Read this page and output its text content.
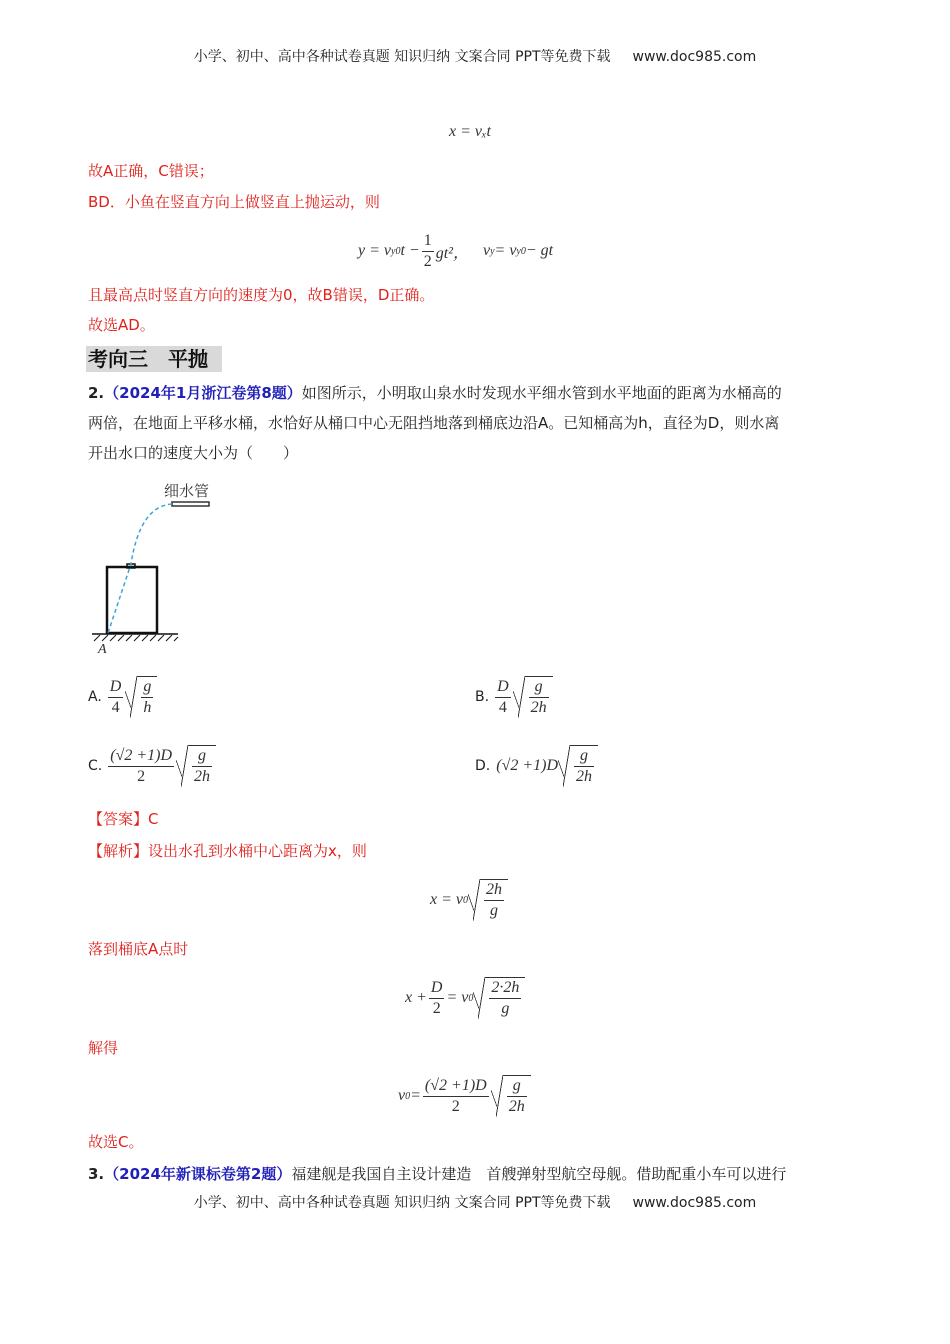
小学、初中、高中各种试卷真题 知识归纳 文案合同 PPT等免费下载 www.doc985.com
x = vₓt
故A正确，C错误；
BD．小鱼在竖直方向上做竖直上抛运动，则
y = v y0 $t - \frac{1}{2} gt^2$， v y = v y0 − gt
且最高点时竖直方向的速度为0，故B错误，D正确。
故选AD。
考向三　平抛
2.（2024年1月浙江卷第8题）如图所示，小明取山泉水时发现水平细水管到水平地面的距离为水桶高的
两倍，在地面上平移水桶，水恰好从桶口中心无阻挡地落到桶底边沿A。已知桶高为h，直径为D，则水离
开出水口的速度大小为（　　）
细水管
A
A. $\frac{D}{4} \frac{g}{h}$	B. $\frac{D}{4} \frac{g}{2h}$
C. $\frac{(√2 +1)D}{2} \frac{g}{2h}$	D. $(√2 +1)D \frac{g}{2h}$
【答案】C
【解析】设出水孔到水桶中心距离为x，则
x = v $0 \frac{2h}{g}$
落到桶底A点时
$x + \frac{D}{2} = v$ $0 \frac{2\cdot 2h}{g}$
解得
v $0 = \frac{(√2 +1)D}{2} \frac{g}{2h}$
故选C。
3.（2024年新课标卷第2题）福建舰是我国自主设计建造　首艘弹射型航空母舰。借助配重小车可以进行
小学、初中、高中各种试卷真题 知识归纳 文案合同 PPT等免费下载 www.doc985.com
